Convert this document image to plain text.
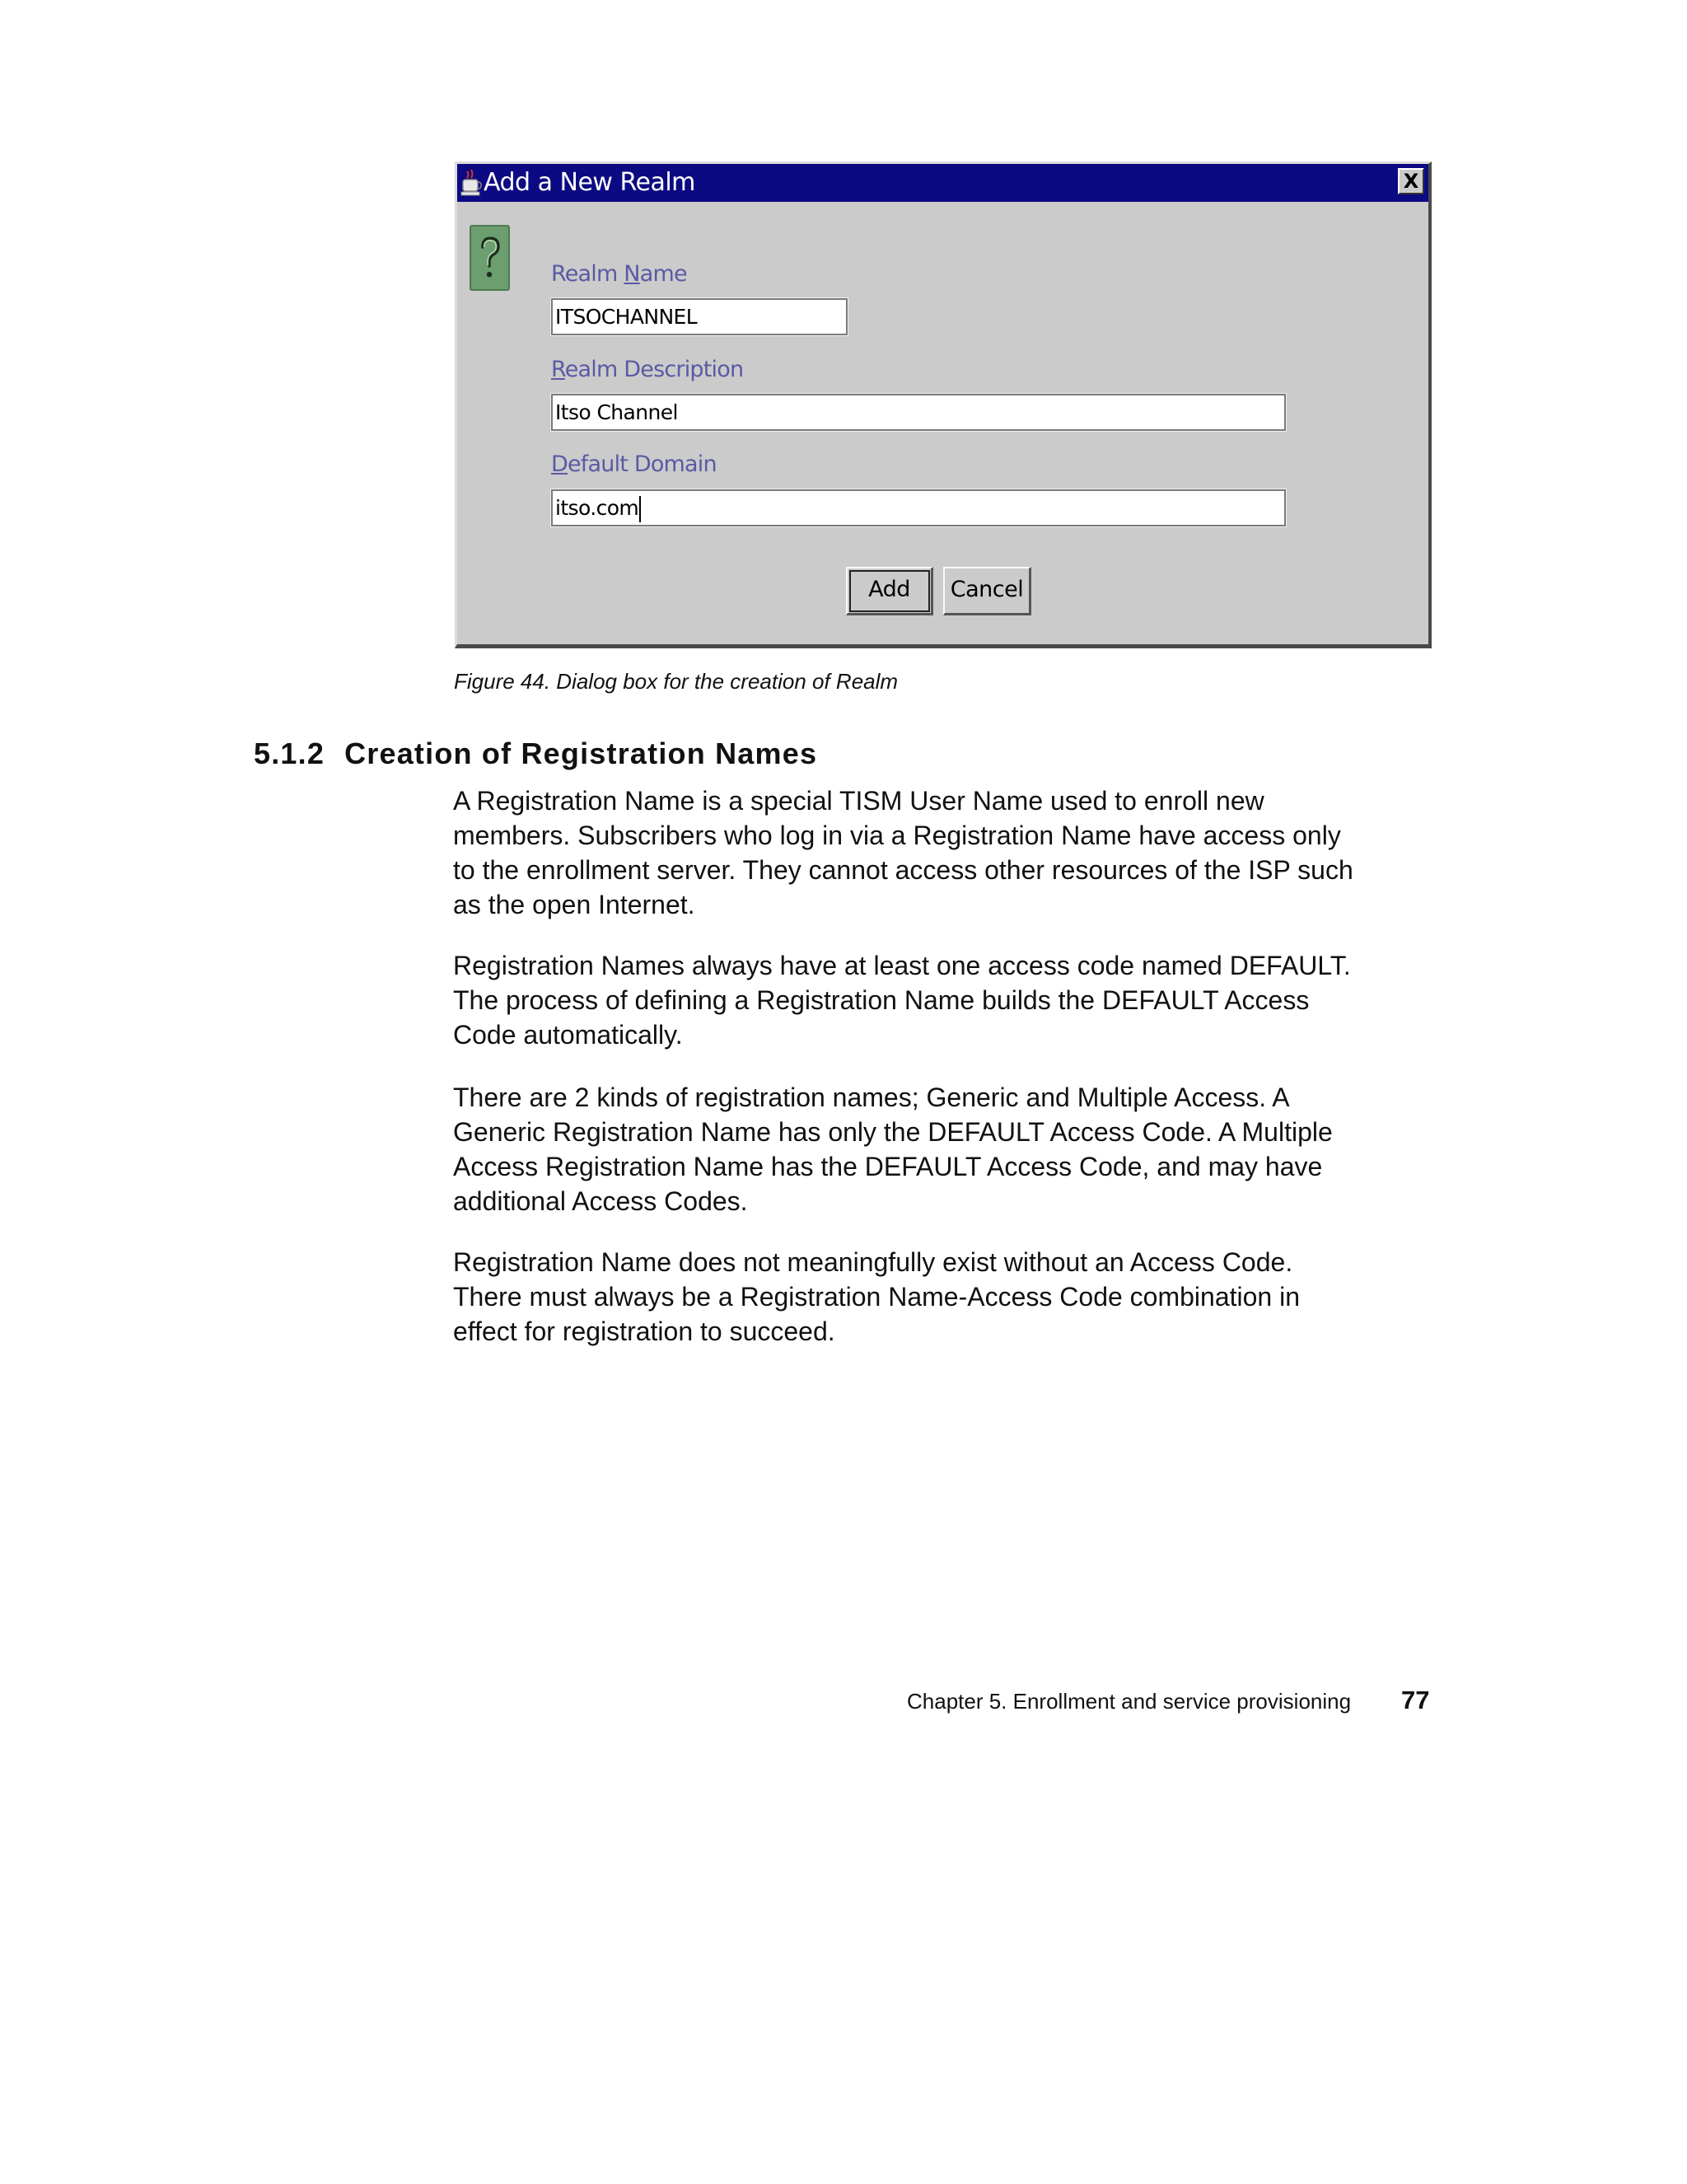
Add a New Realm	X
Realm Name
ITSOCHANNEL
Realm Description
Itso Channel
Default Domain
itso.com
Add	Cancel
Figure 44. Dialog box for the creation of Realm
5.1.2 Creation of Registration Names

A Registration Name is a special TISM User Name used to enroll new
members. Subscribers who log in via a Registration Name have access only
to the enrollment server. They cannot access other resources of the ISP such
as the open Internet.

Registration Names always have at least one access code named DEFAULT.
The process of defining a Registration Name builds the DEFAULT Access
Code automatically.

There are 2 kinds of registration names; Generic and Multiple Access. A
Generic Registration Name has only the DEFAULT Access Code. A Multiple
Access Registration Name has the DEFAULT Access Code, and may have
additional Access Codes.

Registration Name does not meaningfully exist without an Access Code.
There must always be a Registration Name-Access Code combination in
effect for registration to succeed.

Chapter 5. Enrollment and service provisioning 77
